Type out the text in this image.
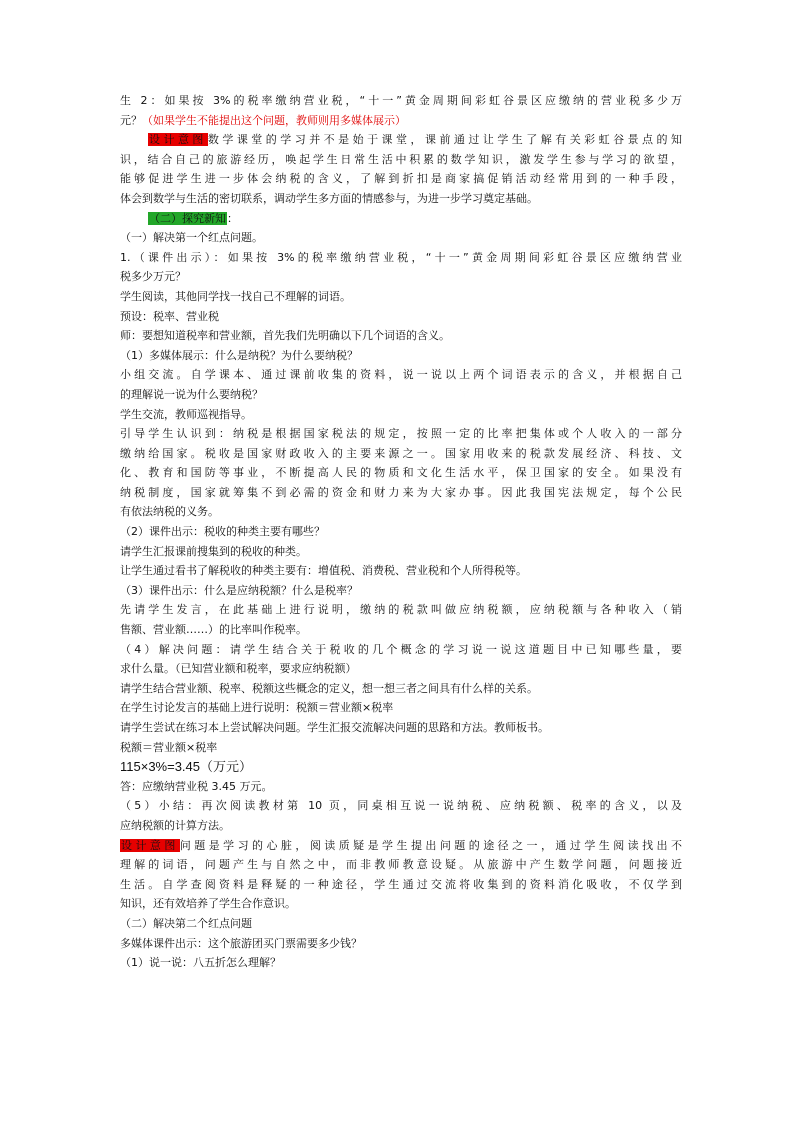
生 2：如果按 3%的税率缴纳营业税，“十一”黄金周期间彩虹谷景区应缴纳的营业税多少万
元？（如果学生不能提出这个问题，教师则用多媒体展示）
设计意图数学课堂的学习并不是始于课堂，课前通过让学生了解有关彩虹谷景点的知
识，结合自己的旅游经历，唤起学生日常生活中积累的数学知识，激发学生参与学习的欲望，
能够促进学生进一步体会纳税的含义，了解到折扣是商家搞促销活动经常用到的一种手段，
体会到数学与生活的密切联系，调动学生多方面的情感参与，为进一步学习奠定基础。
（二）探究新知：
（一）解决第一个红点问题。
1.（课件出示）：如果按 3%的税率缴纳营业税，“十一”黄金周期间彩虹谷景区应缴纳营业
税多少万元？
学生阅读，其他同学找一找自己不理解的词语。
预设：税率、营业税
师：要想知道税率和营业额，首先我们先明确以下几个词语的含义。
（1）多媒体展示：什么是纳税？为什么要纳税？
小组交流。自学课本、通过课前收集的资料，说一说以上两个词语表示的含义，并根据自己
的理解说一说为什么要纳税？
学生交流，教师巡视指导。
引导学生认识到：纳税是根据国家税法的规定，按照一定的比率把集体或个人收入的一部分
缴纳给国家。税收是国家财政收入的主要来源之一。国家用收来的税款发展经济、科技、文
化、教育和国防等事业，不断提高人民的物质和文化生活水平，保卫国家的安全。如果没有
纳税制度，国家就筹集不到必需的资金和财力来为大家办事。因此我国宪法规定，每个公民
有依法纳税的义务。
（2）课件出示：税收的种类主要有哪些？
请学生汇报课前搜集到的税收的种类。
让学生通过看书了解税收的种类主要有：增值税、消费税、营业税和个人所得税等。
（3）课件出示：什么是应纳税额？什么是税率？
先请学生发言，在此基础上进行说明，缴纳的税款叫做应纳税额，应纳税额与各种收入（销
售额、营业额……）的比率叫作税率。
（4）解决问题：请学生结合关于税收的几个概念的学习说一说这道题目中已知哪些量，要
求什么量。（已知营业额和税率，要求应纳税额）
请学生结合营业额、税率、税额这些概念的定义，想一想三者之间具有什么样的关系。
在学生讨论发言的基础上进行说明：税额＝营业额×税率
请学生尝试在练习本上尝试解决问题。学生汇报交流解决问题的思路和方法。教师板书。
税额＝营业额×税率
115×3%=3.45（万元）
答：应缴纳营业税 3.45 万元。
（5）小结：再次阅读教材第 10 页，同桌相互说一说纳税、应纳税额、税率的含义，以及
应纳税额的计算方法。
设计意图问题是学习的心脏，阅读质疑是学生提出问题的途径之一，通过学生阅读找出不
理解的词语，问题产生与自然之中，而非教师教意设疑。从旅游中产生数学问题，问题接近
生活。自学查阅资料是释疑的一种途径，学生通过交流将收集到的资料消化吸收，不仅学到
知识，还有效培养了学生合作意识。
（二）解决第二个红点问题
多媒体课件出示：这个旅游团买门票需要多少钱？
（1）说一说：八五折怎么理解？
